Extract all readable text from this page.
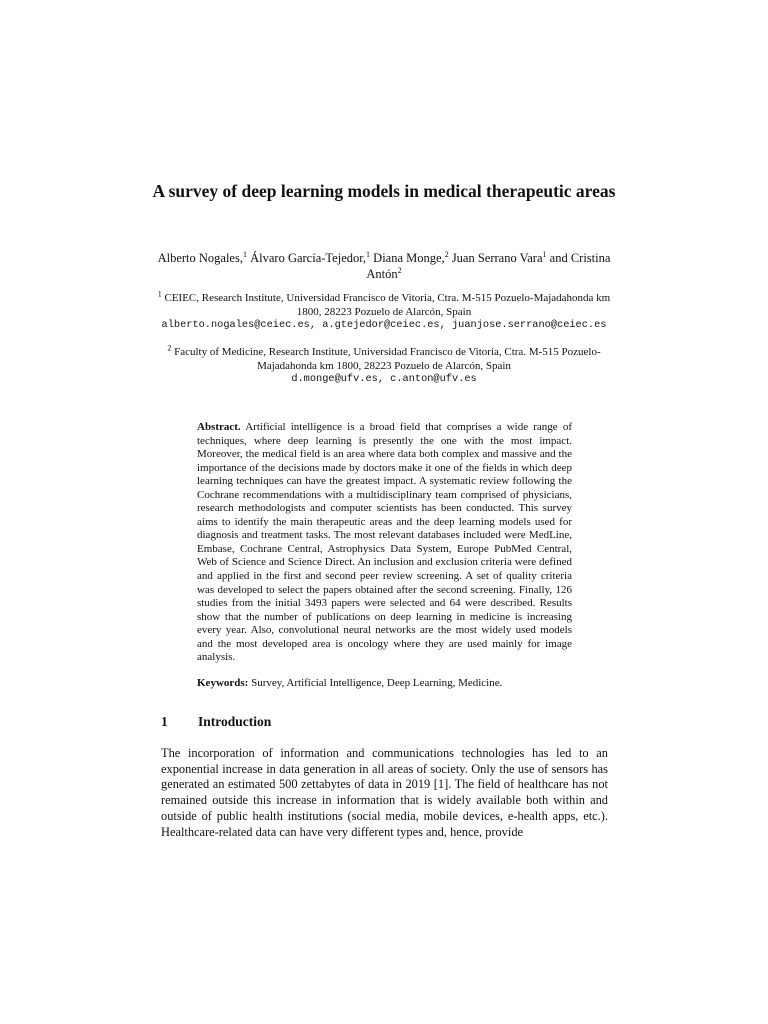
A survey of deep learning models in medical therapeutic areas
Alberto Nogales,$^1$ Álvaro García-Tejedor,$^1$ Diana Monge,$^2$ Juan Serrano Vara$^1$ and Cristina Antón$^2$
$^1$ CEIEC, Research Institute, Universidad Francisco de Vitoria, Ctra. M-515 Pozuelo-Majadahonda km 1800, 28223 Pozuelo de Alarcón, Spain
alberto.nogales@ceiec.es, a.gtejedor@ceiec.es, juanjose.serrano@ceiec.es
$^2$ Faculty of Medicine, Research Institute, Universidad Francisco de Vitoria, Ctra. M-515 Pozuelo-Majadahonda km 1800, 28223 Pozuelo de Alarcón, Spain
d.monge@ufv.es, c.anton@ufv.es
Abstract. Artificial intelligence is a broad field that comprises a wide range of techniques, where deep learning is presently the one with the most impact. Moreover, the medical field is an area where data both complex and massive and the importance of the decisions made by doctors make it one of the fields in which deep learning techniques can have the greatest impact. A systematic review following the Cochrane recommendations with a multidisciplinary team comprised of physicians, research methodologists and computer scientists has been conducted. This survey aims to identify the main therapeutic areas and the deep learning models used for diagnosis and treatment tasks. The most relevant databases included were MedLine, Embase, Cochrane Central, Astrophysics Data System, Europe PubMed Central, Web of Science and Science Direct. An inclusion and exclusion criteria were defined and applied in the first and second peer review screening. A set of quality criteria was developed to select the papers obtained after the second screening. Finally, 126 studies from the initial 3493 papers were selected and 64 were described. Results show that the number of publications on deep learning in medicine is increasing every year. Also, convolutional neural networks are the most widely used models and the most developed area is oncology where they are used mainly for image analysis.
Keywords: Survey, Artificial Intelligence, Deep Learning, Medicine.
1 Introduction
The incorporation of information and communications technologies has led to an exponential increase in data generation in all areas of society. Only the use of sensors has generated an estimated 500 zettabytes of data in 2019 [1]. The field of healthcare has not remained outside this increase in information that is widely available both within and outside of public health institutions (social media, mobile devices, e-health apps, etc.). Healthcare-related data can have very different types and, hence, provide
